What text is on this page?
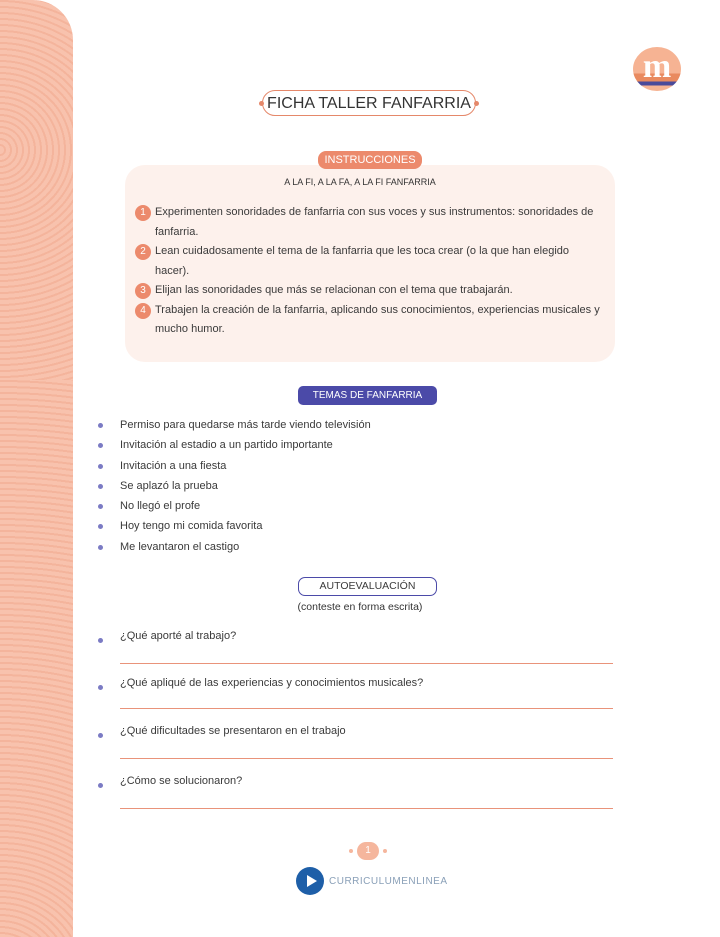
m
FICHA TALLER FANFARRIA
INSTRUCCIONES
A LA FI, A LA FA, A LA FI FANFARRIA
1 Experimenten sonoridades de fanfarria con sus voces y sus instrumentos: sonoridades de fanfarria.
2 Lean cuidadosamente el tema de la fanfarria que les toca crear (o la que han elegido hacer).
3 Elijan las sonoridades que más se relacionan con el tema que trabajarán.
4 Trabajen la creación de la fanfarria, aplicando sus conocimientos, experiencias musicales y mucho humor.
TEMAS DE FANFARRIA
Permiso para quedarse más tarde viendo televisión
Invitación al estadio a un partido importante
Invitación a una fiesta
Se aplazó la prueba
No llegó el profe
Hoy tengo mi comida favorita
Me levantaron el castigo
AUTOEVALUACIÓN
(conteste en forma escrita)
¿Qué aporté al trabajo?
¿Qué apliqué de las experiencias y conocimientos musicales?
¿Qué dificultades se presentaron en el trabajo
¿Cómo se solucionaron?
1
CURRICULUMENLINEA
